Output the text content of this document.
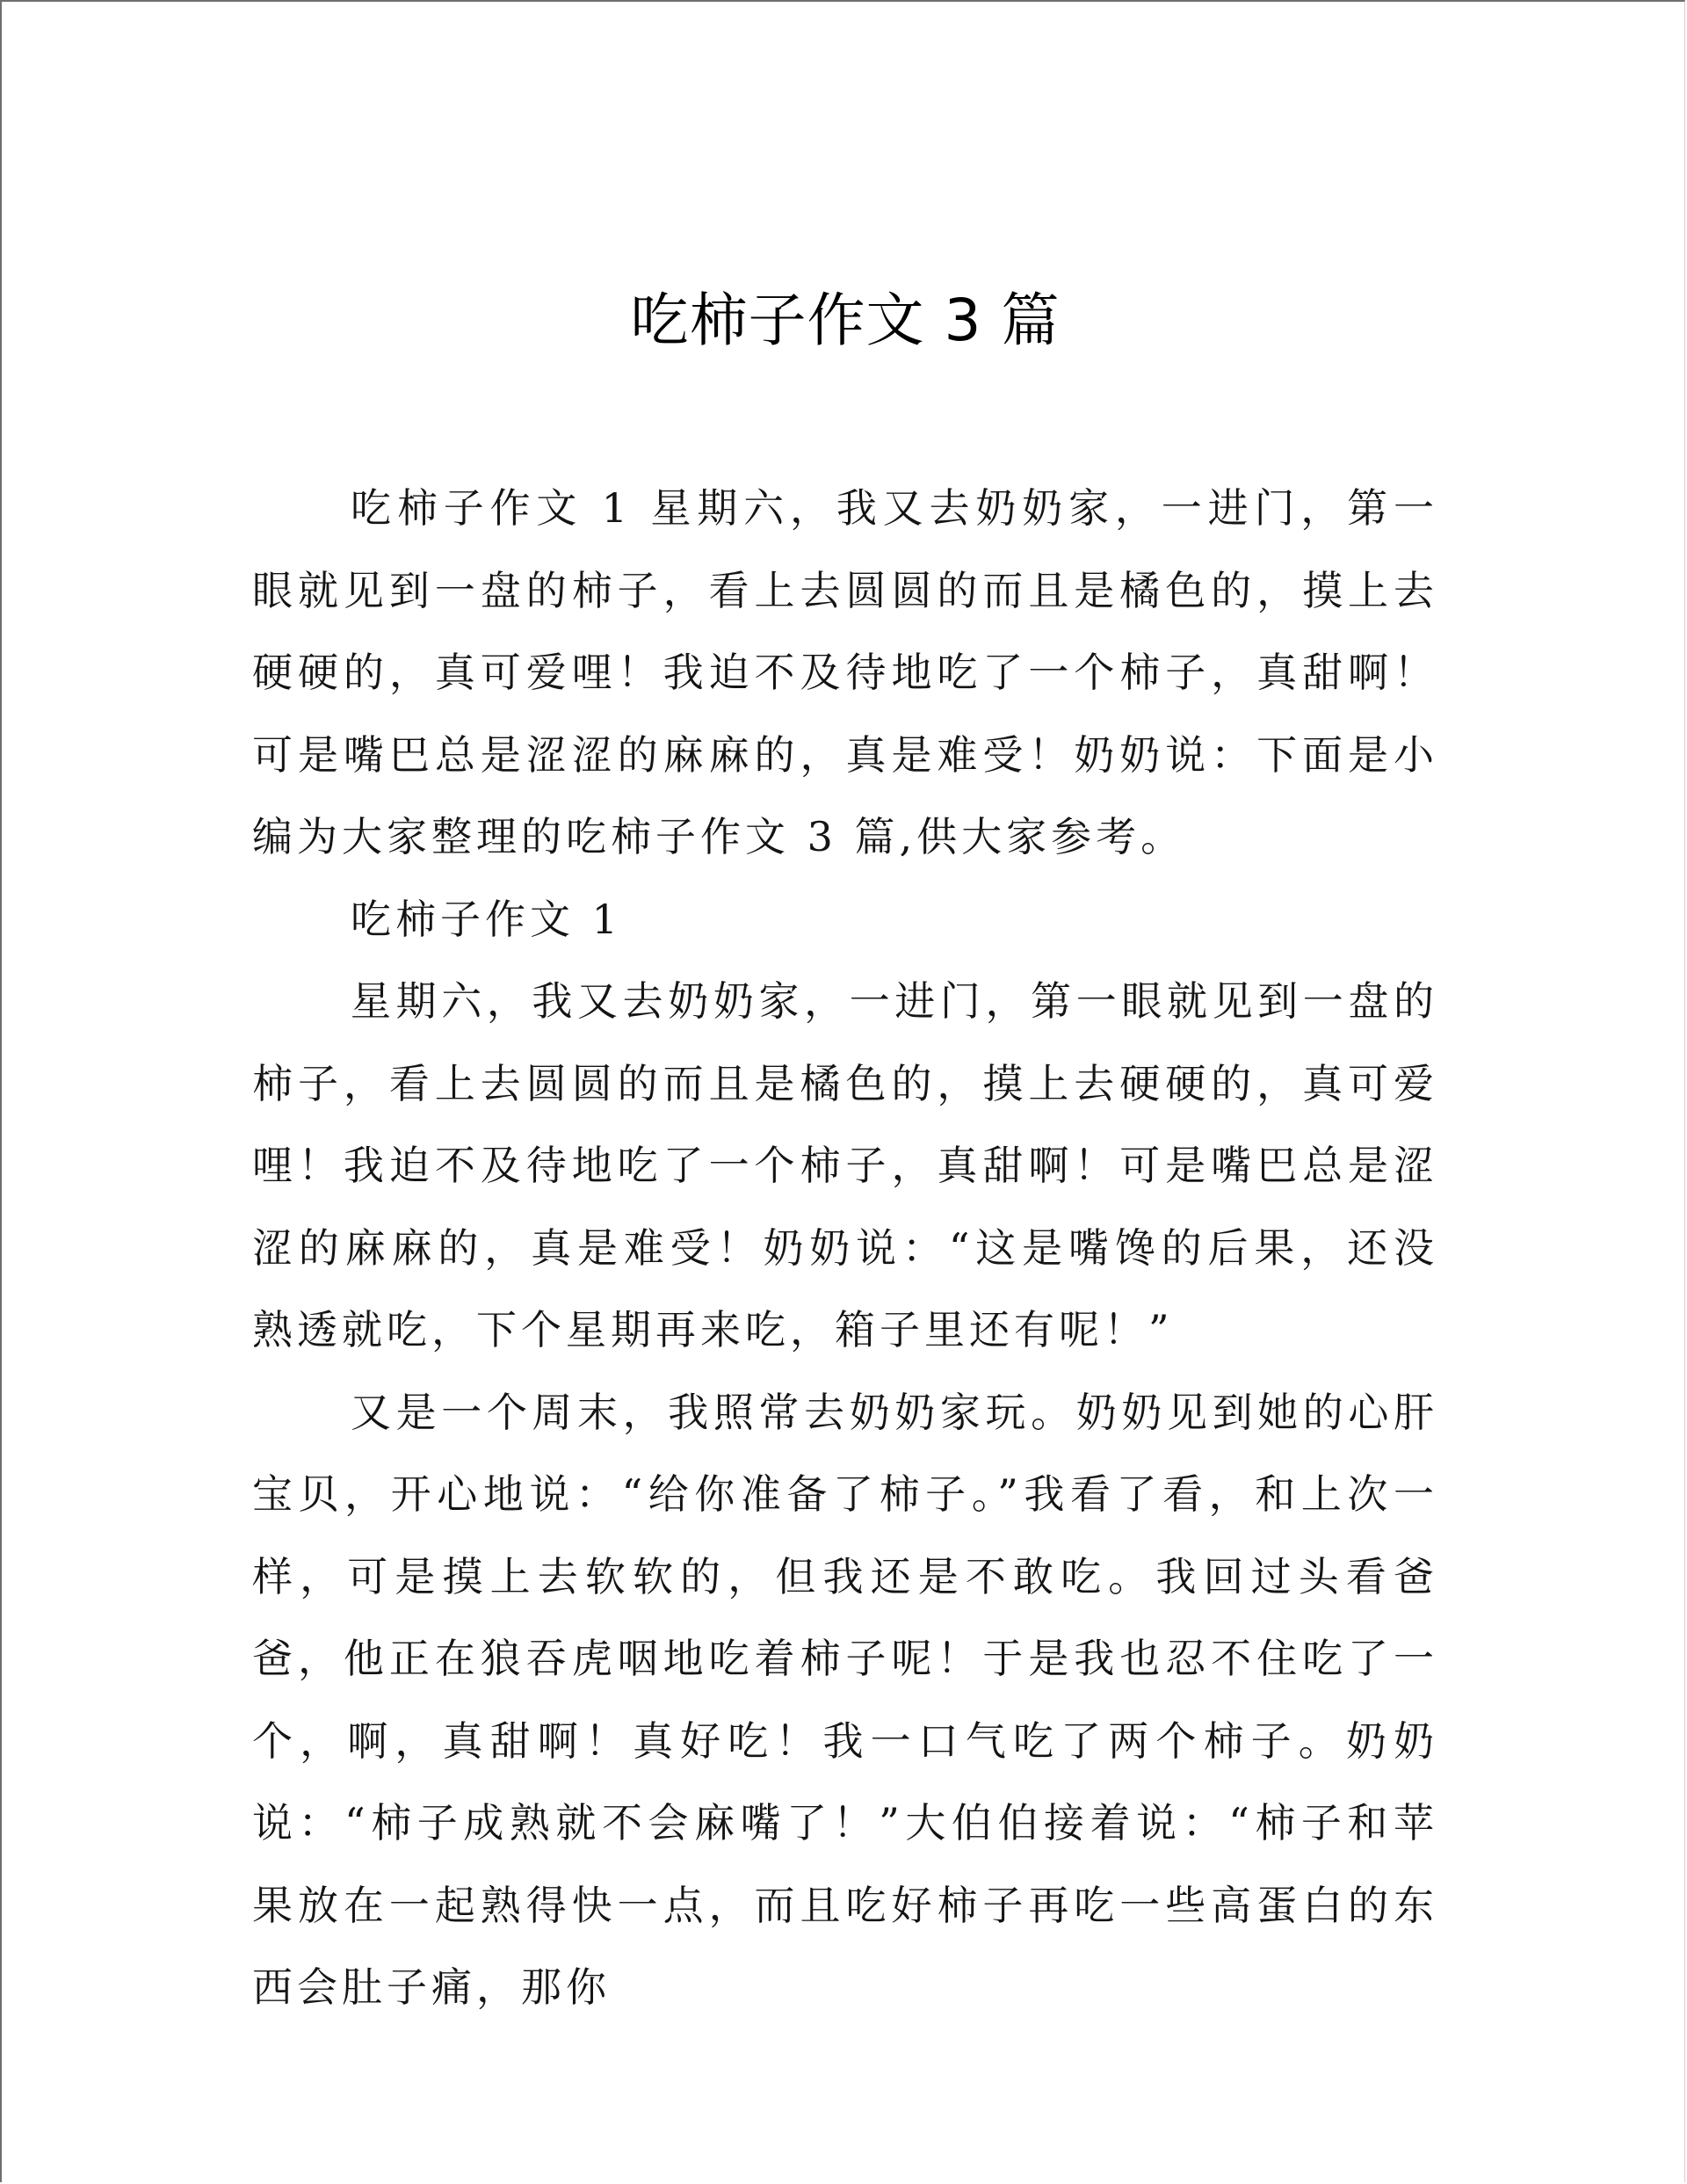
吃柿子作文 3 篇

吃柿子作文 1 星期六，我又去奶奶家，一进门，第一眼就见到一盘的柿子，看上去圆圆的而且是橘色的，摸上去硬硬的，真可爱哩！我迫不及待地吃了一个柿子，真甜啊！可是嘴巴总是涩涩的麻麻的，真是难受！奶奶说：下面是小编为大家整理的吃柿子作文 3 篇,供大家参考。

吃柿子作文 1

星期六，我又去奶奶家，一进门，第一眼就见到一盘的柿子，看上去圆圆的而且是橘色的，摸上去硬硬的，真可爱哩！我迫不及待地吃了一个柿子，真甜啊！可是嘴巴总是涩涩的麻麻的，真是难受！奶奶说：“这是嘴馋的后果，还没熟透就吃，下个星期再来吃，箱子里还有呢！”

又是一个周末，我照常去奶奶家玩。奶奶见到她的心肝宝贝，开心地说：“给你准备了柿子。”我看了看，和上次一样，可是摸上去软软的，但我还是不敢吃。我回过头看爸爸，他正在狼吞虎咽地吃着柿子呢！于是我也忍不住吃了一个，啊，真甜啊！真好吃！我一口气吃了两个柿子。奶奶说：“柿子成熟就不会麻嘴了！”大伯伯接着说：“柿子和苹果放在一起熟得快一点，而且吃好柿子再吃一些高蛋白的东西会肚子痛，那你
